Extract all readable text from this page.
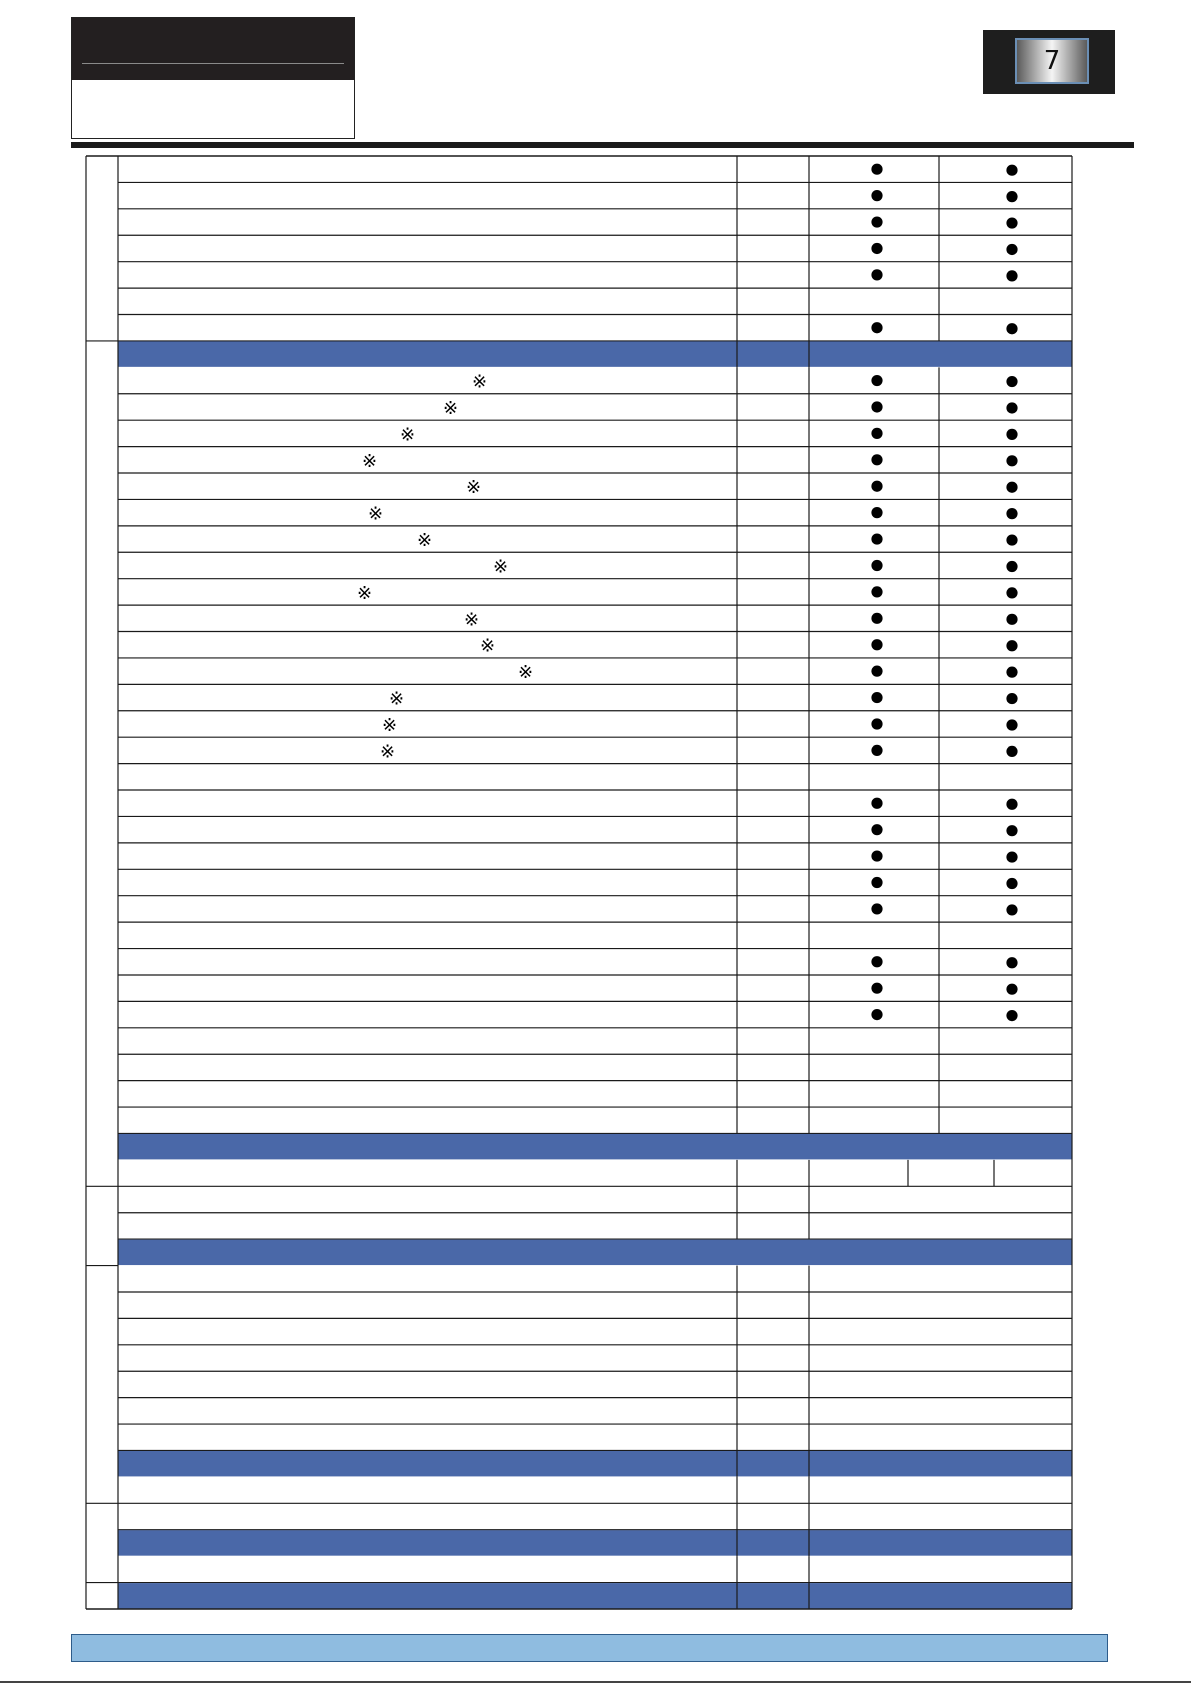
7
※
※
※
※
※
※
※
※
※
※
※
※
※
※
※
